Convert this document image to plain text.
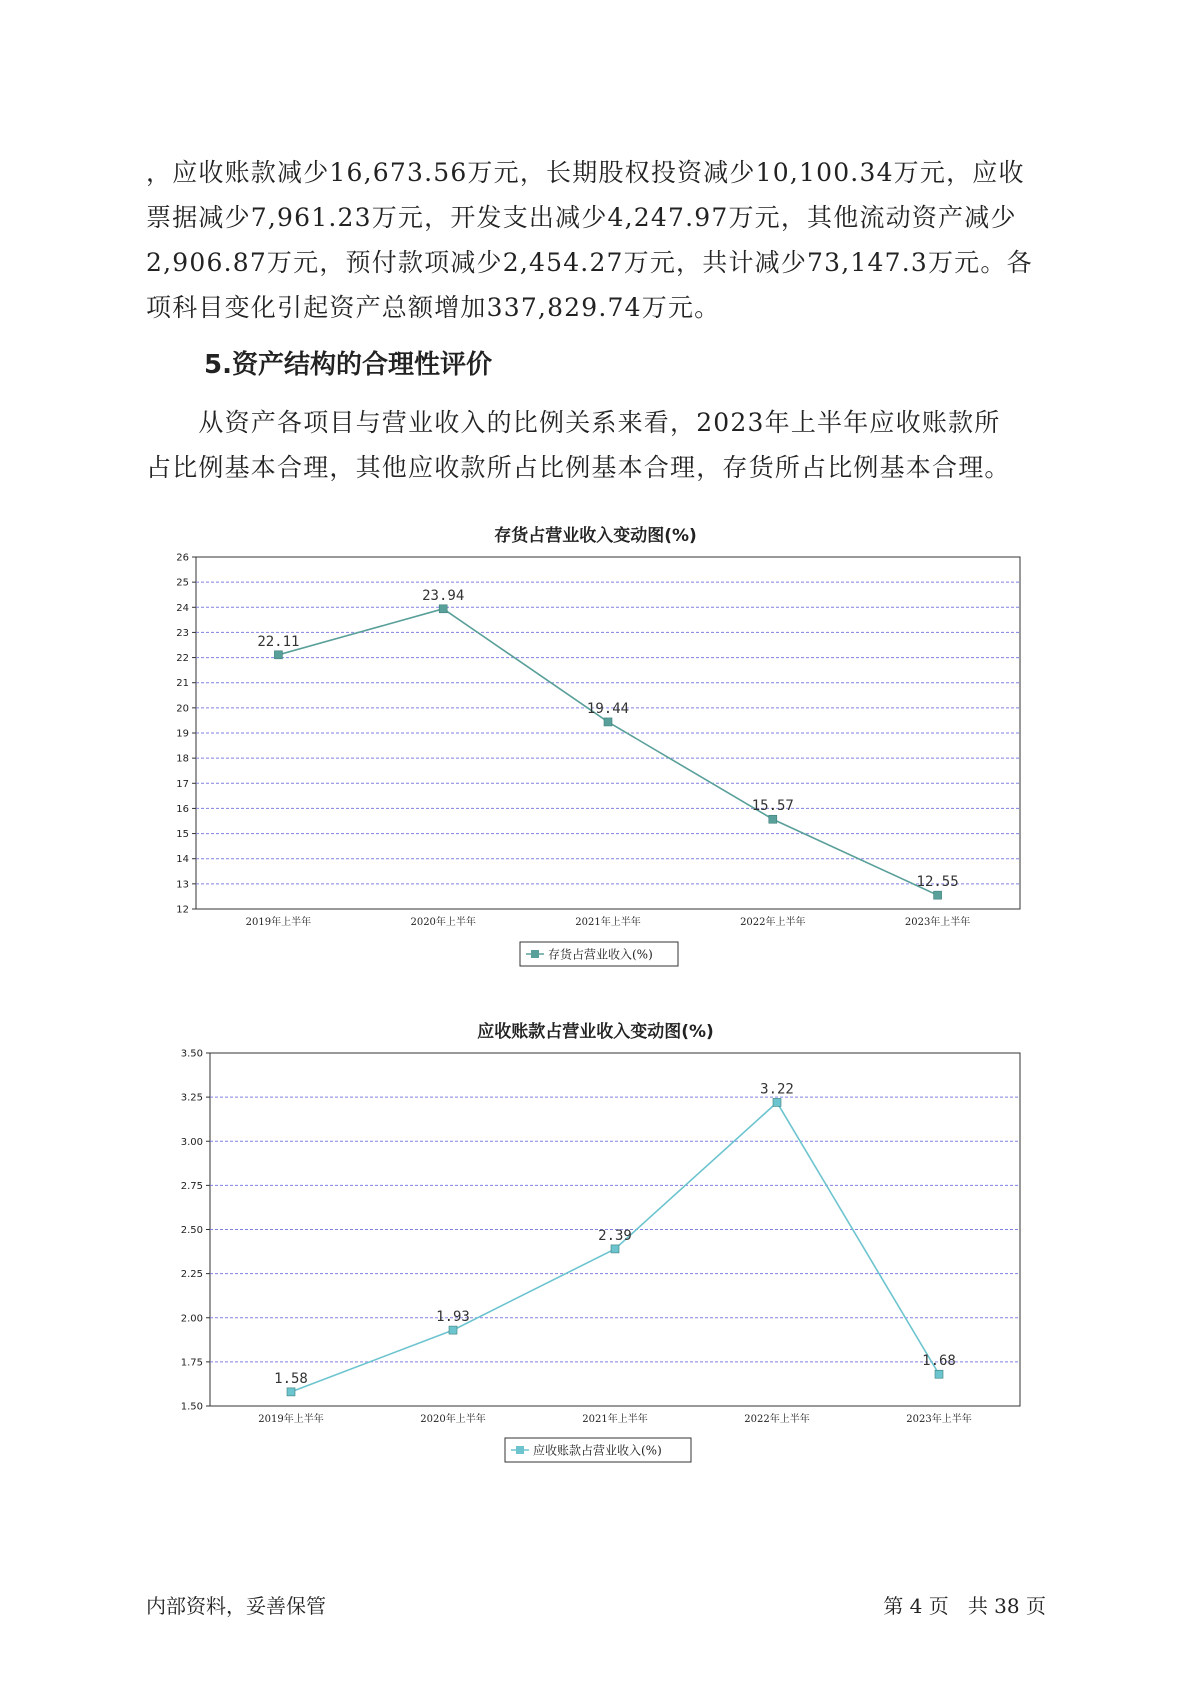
，应收账款减少16,673.56万元，长期股权投资减少10,100.34万元，应收

票据减少7,961.23万元，开发支出减少4,247.97万元，其他流动资产减少

2,906.87万元，预付款项减少2,454.27万元，共计减少73,147.3万元。各

项科目变化引起资产总额增加337,829.74万元。

5.资产结构的合理性评价

　　从资产各项目与营业收入的比例关系来看，2023年上半年应收账款所

占比例基本合理，其他应收款所占比例基本合理，存货所占比例基本合理。

存货占营业收入变动图(%)

12
13
14
15
16
17
18
19
20
21
22
23
24
25
26
2019年上半年	2020年上半年	2021年上半年	2022年上半年	2023年上半年
22.11
23.94
19.44
15.57
12.55
存货占营业收入(%)

应收账款占营业收入变动图(%)

1.50
1.75
2.00
2.25
2.50
2.75
3.00
3.25
3.50
2019年上半年	2020年上半年	2021年上半年	2022年上半年	2023年上半年
1.58
1.93
2.39
3.22
1.68
应收账款占营业收入(%)

内部资料，妥善保管	第 4 页   共 38 页
